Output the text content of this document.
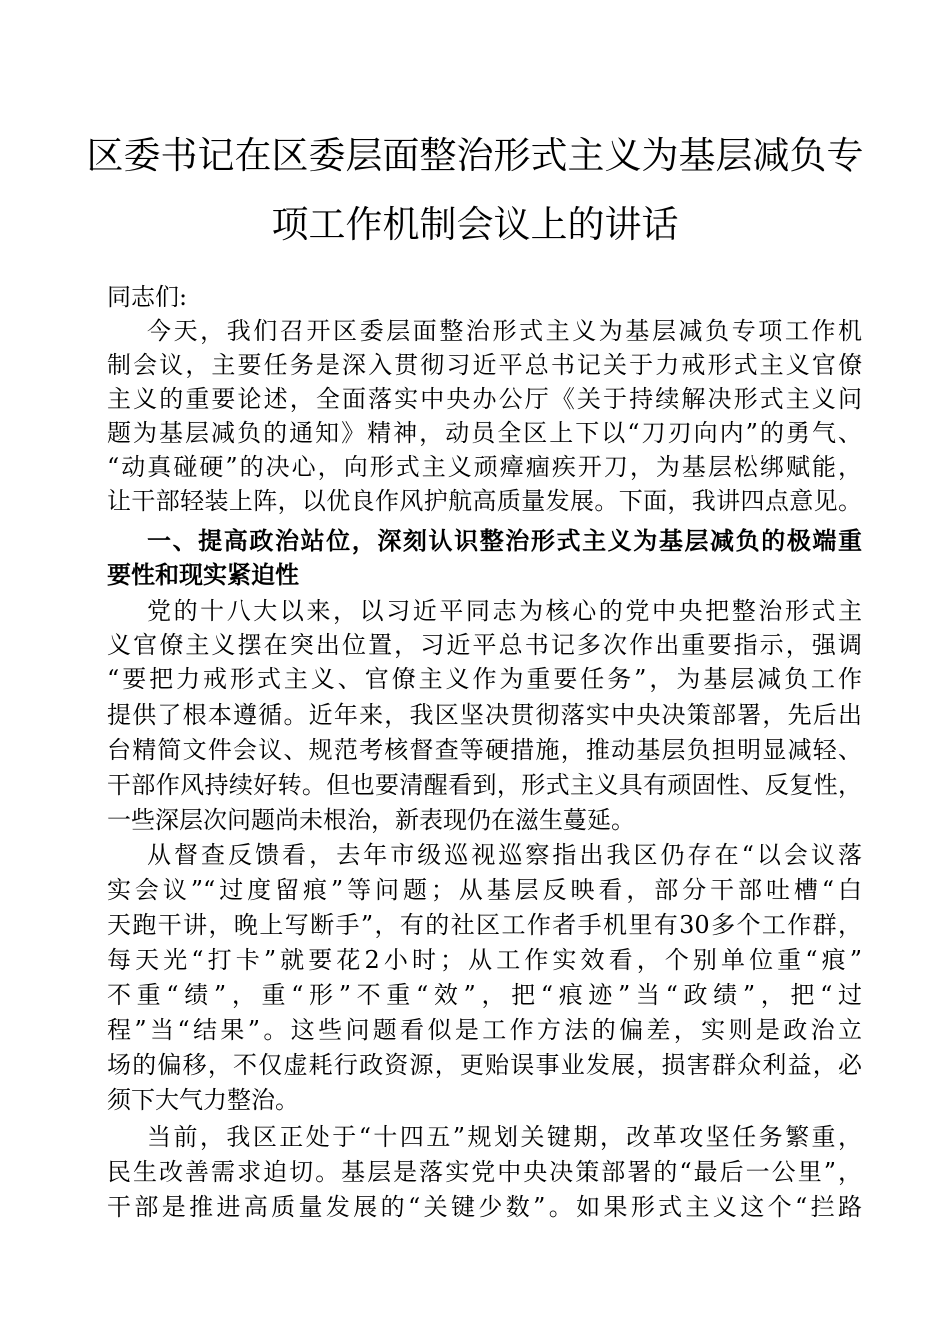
区委书记在区委层面整治形式主义为基层减负专
项工作机制会议上的讲话
同志们:
今天，我们召开区委层面整治形式主义为基层减负专项工作机
制会议，主要任务是深入贯彻习近平总书记关于力戒形式主义官僚
主义的重要论述，全面落实中央办公厅《关于持续解决形式主义问
题为基层减负的通知》精神，动员全区上下以“刀刃向内”的勇气、
“动真碰硬”的决心，向形式主义顽瘴痼疾开刀，为基层松绑赋能，
让干部轻装上阵，以优良作风护航高质量发展。下面，我讲四点意见。
一、提高政治站位，深刻认识整治形式主义为基层减负的极端重
要性和现实紧迫性
党的十八大以来，以习近平同志为核心的党中央把整治形式主
义官僚主义摆在突出位置，习近平总书记多次作出重要指示，强调
“要把力戒形式主义、官僚主义作为重要任务”，为基层减负工作
提供了根本遵循。近年来，我区坚决贯彻落实中央决策部署，先后出
台精简文件会议、规范考核督查等硬措施，推动基层负担明显减轻、
干部作风持续好转。但也要清醒看到，形式主义具有顽固性、反复性，
一些深层次问题尚未根治，新表现仍在滋生蔓延。
从督查反馈看，去年市级巡视巡察指出我区仍存在“以会议落
实会议”“过度留痕”等问题；从基层反映看，部分干部吐槽“白
天跑干讲，晚上写断手”，有的社区工作者手机里有30多个工作群，
每天光“打卡”就要花2小时；从工作实效看，个别单位重“痕”
不重“绩”，重“形”不重“效”，把“痕迹”当“政绩”，把“过
程”当“结果”。这些问题看似是工作方法的偏差，实则是政治立
场的偏移，不仅虚耗行政资源，更贻误事业发展，损害群众利益，必
须下大气力整治。
当前，我区正处于“十四五”规划关键期，改革攻坚任务繁重，
民生改善需求迫切。基层是落实党中央决策部署的“最后一公里”，
干部是推进高质量发展的“关键少数”。如果形式主义这个“拦路
